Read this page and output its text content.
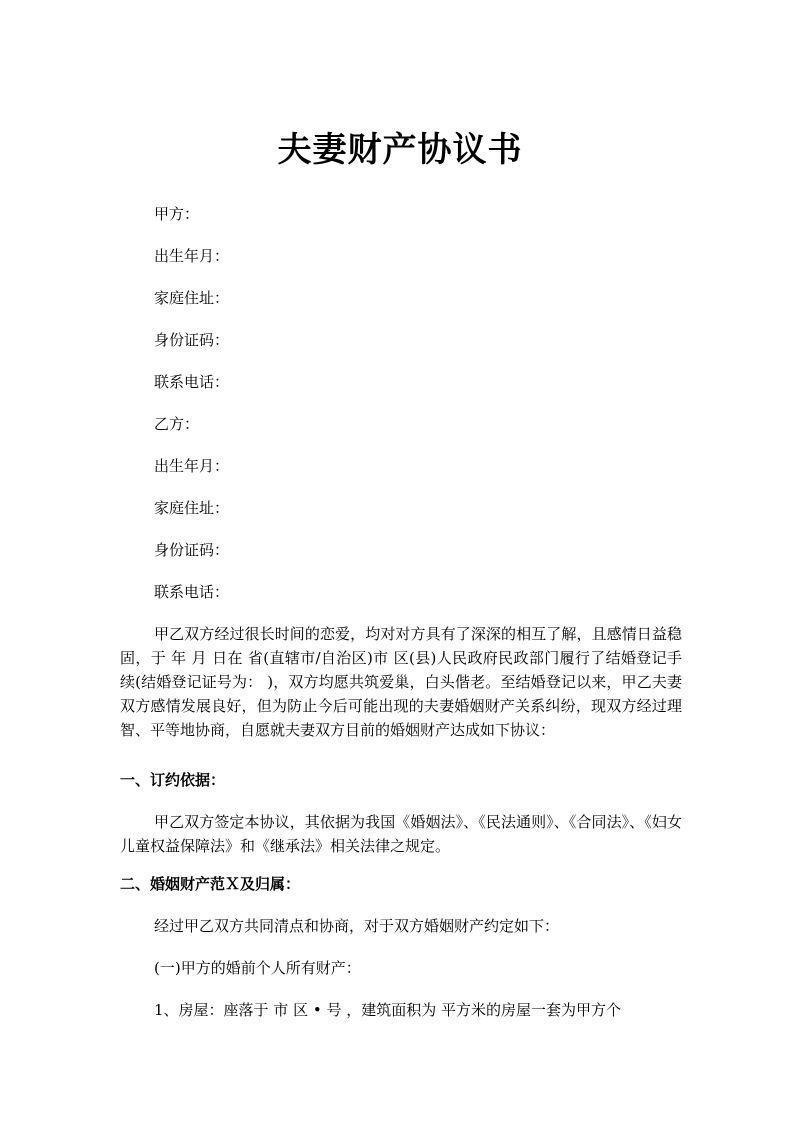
夫妻财产协议书

甲方：

出生年月：

家庭住址：

身份证码：

联系电话：

乙方：

出生年月：

家庭住址：

身份证码：

联系电话：

甲乙双方经过很长时间的恋爱，均对对方具有了深深的相互了解，且感情日益稳固，于 年 月 日在 省(直辖市/自治区)市 区(县)人民政府民政部门履行了结婚登记手续(结婚登记证号为： )，双方均愿共筑爱巢，白头偕老。至结婚登记以来，甲乙夫妻双方感情发展良好，但为防止今后可能出现的夫妻婚姻财产关系纠纷，现双方经过理智、平等地协商，自愿就夫妻双方目前的婚姻财产达成如下协议：

一、订约依据：

甲乙双方签定本协议，其依据为我国《婚姻法》、《民法通则》、《合同法》、《妇女儿童权益保障法》和《继承法》相关法律之规定。

二、婚姻财产范Ｘ及归属：

经过甲乙双方共同清点和协商，对于双方婚姻财产约定如下：

(一)甲方的婚前个人所有财产：

1、房屋：座落于 市 区 • 号 ，建筑面积为 平方米的房屋一套为甲方个
